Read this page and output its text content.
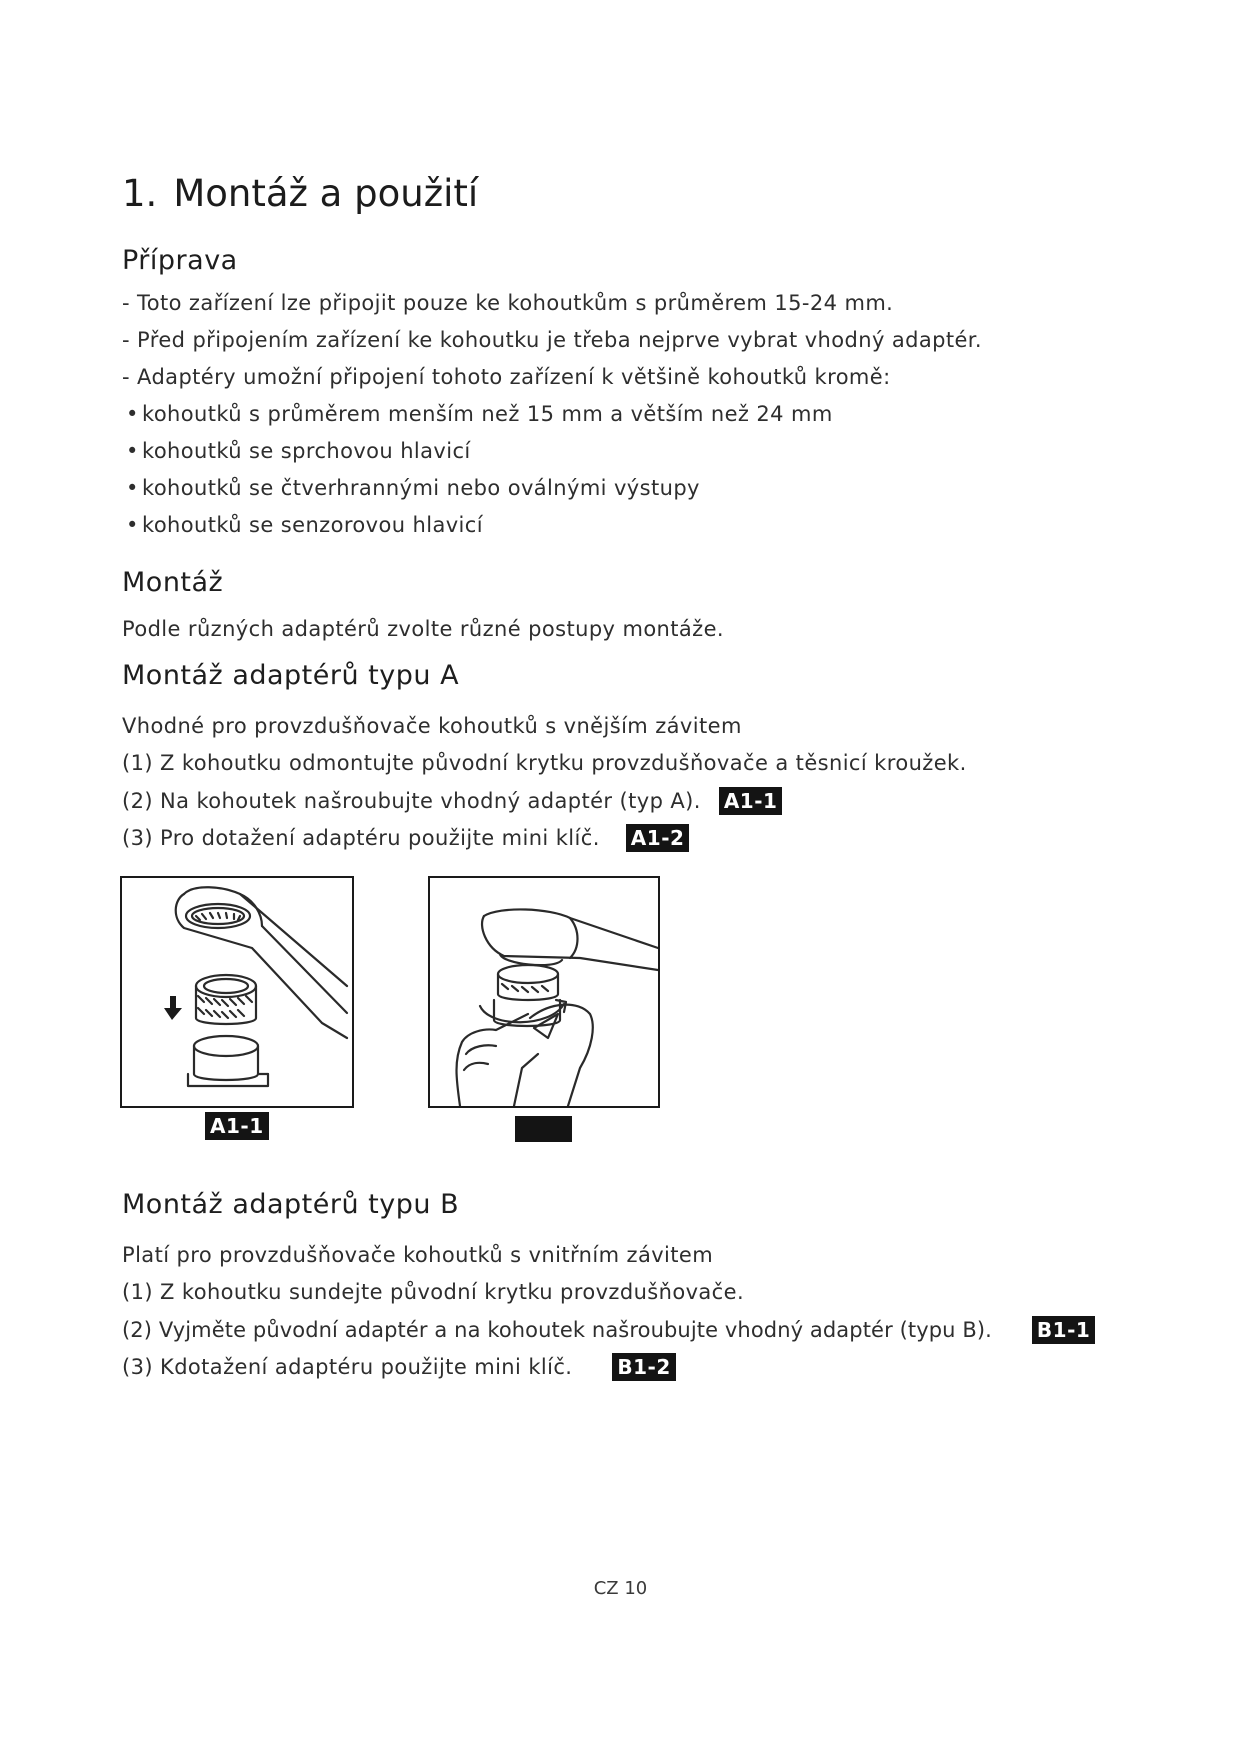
1. Montáž a použití
Příprava
- Toto zařízení lze připojit pouze ke kohoutkům s průměrem 15-24 mm.
- Před připojením zařízení ke kohoutku je třeba nejprve vybrat vhodný adaptér.
- Adaptéry umožní připojení tohoto zařízení k většině kohoutků kromě:
• kohoutků s průměrem menším než 15 mm a větším než 24 mm
• kohoutků se sprchovou hlavicí
• kohoutků se čtverhrannými nebo oválnými výstupy
• kohoutků se senzorovou hlavicí
Montáž
Podle různých adaptérů zvolte různé postupy montáže.
Montáž adaptérů typu A
Vhodné pro provzdušňovače kohoutků s vnějším závitem
(1) Z kohoutku odmontujte původní krytku provzdušňovače a těsnicí kroužek.
(2) Na kohoutek našroubujte vhodný adaptér (typ A). A1-1
(3) Pro dotažení adaptéru použijte mini klíč. A1-2
A1-1
Montáž adaptérů typu B
Platí pro provzdušňovače kohoutků s vnitřním závitem
(1) Z kohoutku sundejte původní krytku provzdušňovače.
(2) Vyjměte původní adaptér a na kohoutek našroubujte vhodný adaptér (typu B). B1-1
(3) Kdotažení adaptéru použijte mini klíč. B1-2
CZ 10
